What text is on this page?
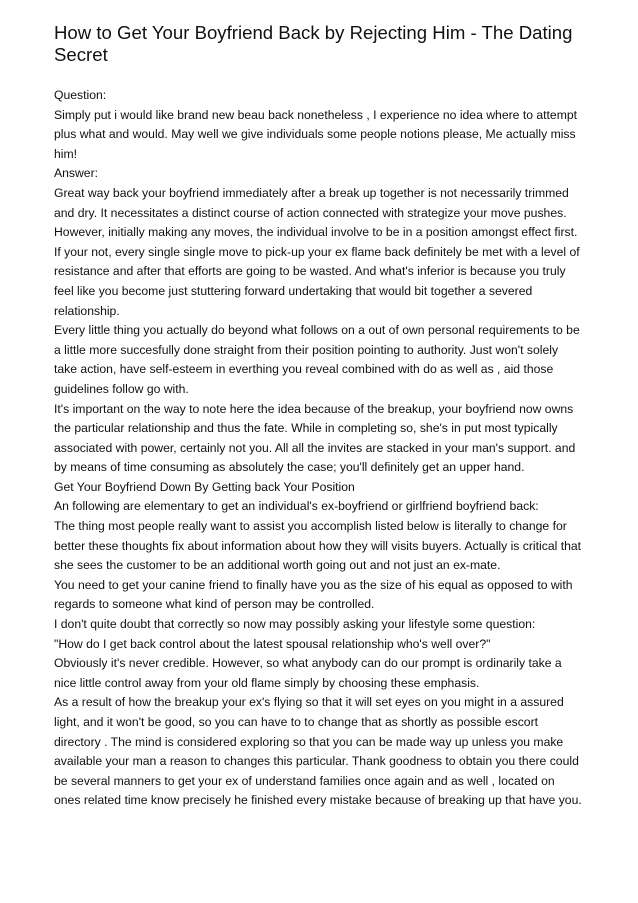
How to Get Your Boyfriend Back by Rejecting Him - The Dating Secret

Question:

Simply put i would like brand new beau back nonetheless , I experience no idea where to attempt plus what and would. May well we give individuals some people notions please, Me actually miss him!

Answer:

Great way back your boyfriend immediately after a break up together is not necessarily trimmed and dry. It necessitates a distinct course of action connected with strategize your move pushes. However, initially making any moves, the individual involve to be in a position amongst effect first.

If your not, every single single move to pick-up your ex flame back definitely be met with a level of resistance and after that efforts are going to be wasted. And what's inferior is because you truly feel like you become just stuttering forward undertaking that would bit together a severed relationship.

Every little thing you actually do beyond what follows on a out of own personal requirements to be a little more succesfully done straight from their position pointing to authority. Just won't solely take action, have self-esteem in everthing you reveal combined with do as well as , aid those guidelines follow go with.

It's important on the way to note here the idea because of the breakup, your boyfriend now owns the particular relationship and thus the fate. While in completing so, she's in put most typically associated with power, certainly not you. All all the invites are stacked in your man's support. and by means of time consuming as absolutely the case; you'll definitely get an upper hand.

Get Your Boyfriend Down By Getting back Your Position

An following are elementary to get an individual's ex-boyfriend or girlfriend boyfriend back:

The thing most people really want to assist you accomplish listed below is literally to change for better these thoughts fix about information about how they will visits buyers. Actually is critical that she sees the customer to be an additional worth going out and not just an ex-mate.

You need to get your canine friend to finally have you as the size of his equal as opposed to with regards to someone what kind of person may be controlled.

I don't quite doubt that correctly so now may possibly asking your lifestyle some question:

"How do I get back control about the latest spousal relationship who's well over?"

Obviously it's never credible. However, so what anybody can do our prompt is ordinarily take a nice little control away from your old flame simply by choosing these emphasis.

As a result of how the breakup your ex's flying so that it will set eyes on you might in a assured light, and it won't be good, so you can have to to change that as shortly as possible escort directory . The mind is considered exploring so that you can be made way up unless you make available your man a reason to changes this particular. Thank goodness to obtain you there could be several manners to get your ex of understand families once again and as well , located on ones related time know precisely he finished every mistake because of breaking up that have you.
